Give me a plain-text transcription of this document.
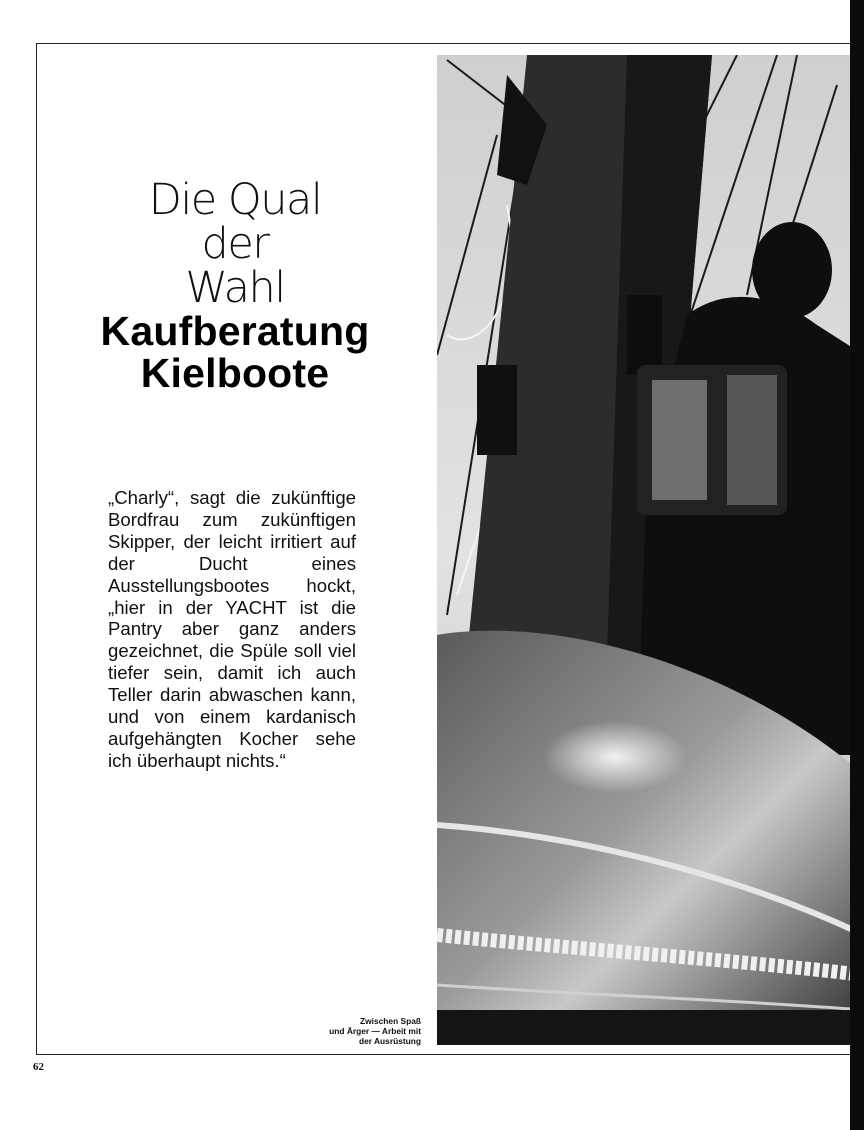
Die Qual
der
Wahl
Kaufberatung
Kielboote
„Charly“, sagt die zukünftige Bordfrau zum zukünftigen Skipper, der leicht irritiert auf der Ducht eines Ausstellungsbootes hockt, „hier in der YACHT ist die Pantry aber ganz anders gezeichnet, die Spüle soll viel tiefer sein, damit ich auch Teller darin abwaschen kann, und von einem kardanisch aufgehängten Kocher sehe ich überhaupt nichts.“
Zwischen Spaß
und Ärger — Arbeit mit
der Ausrüstung
62
